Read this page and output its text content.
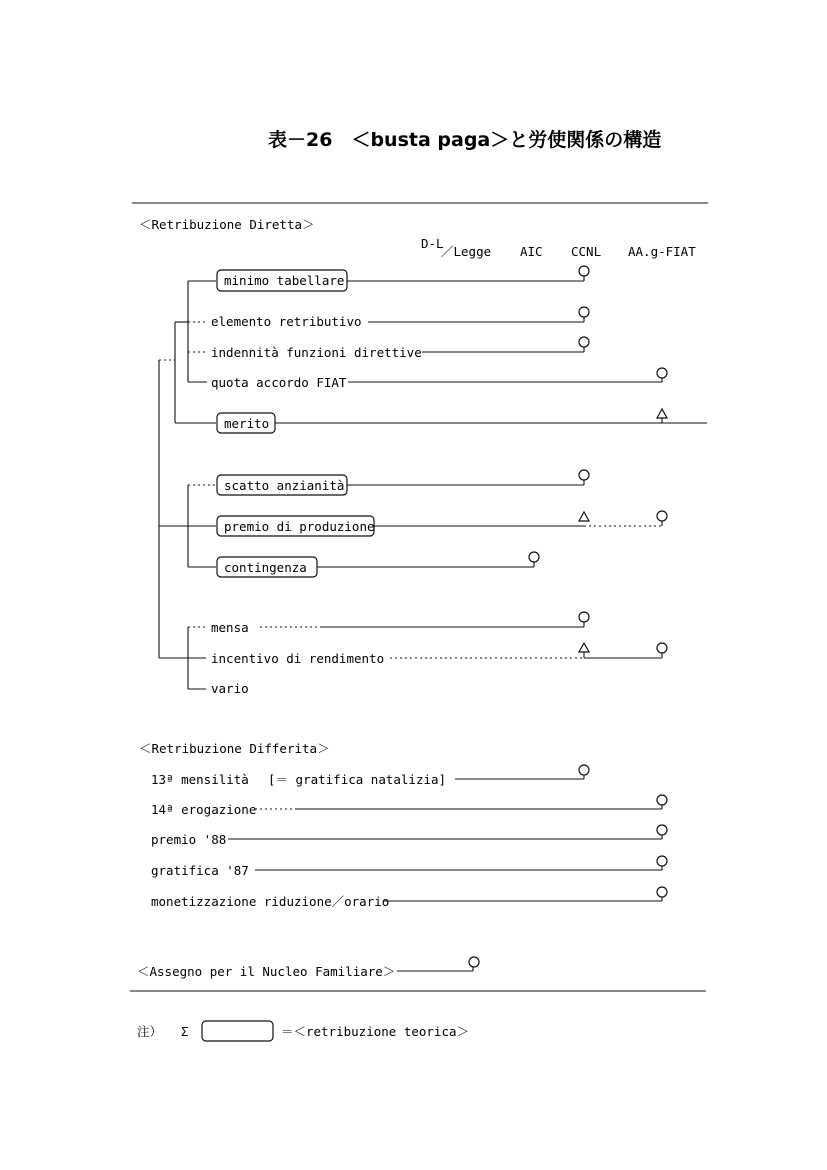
表－26　＜busta paga＞と労使関係の構造
＜Retribuzione Diretta＞
＜Retribuzione Differita＞
＜Assegno per il Nucleo Familiare＞
D-L
／Legge AIC CCNL AA.g-FIAT
minimo tabellare
elemento retributivo
indennità funzioni direttive
quota accordo FIAT
merito
scatto anzianità
premio di produzione
contingenza
mensa
incentivo di rendimento
vario
13ª mensilità [＝ gratifica natalizia]
14ª erogazione
premio '88
gratifica '87
monetizzazione riduzione／orario
注） Σ	＝＜retribuzione teorica＞
